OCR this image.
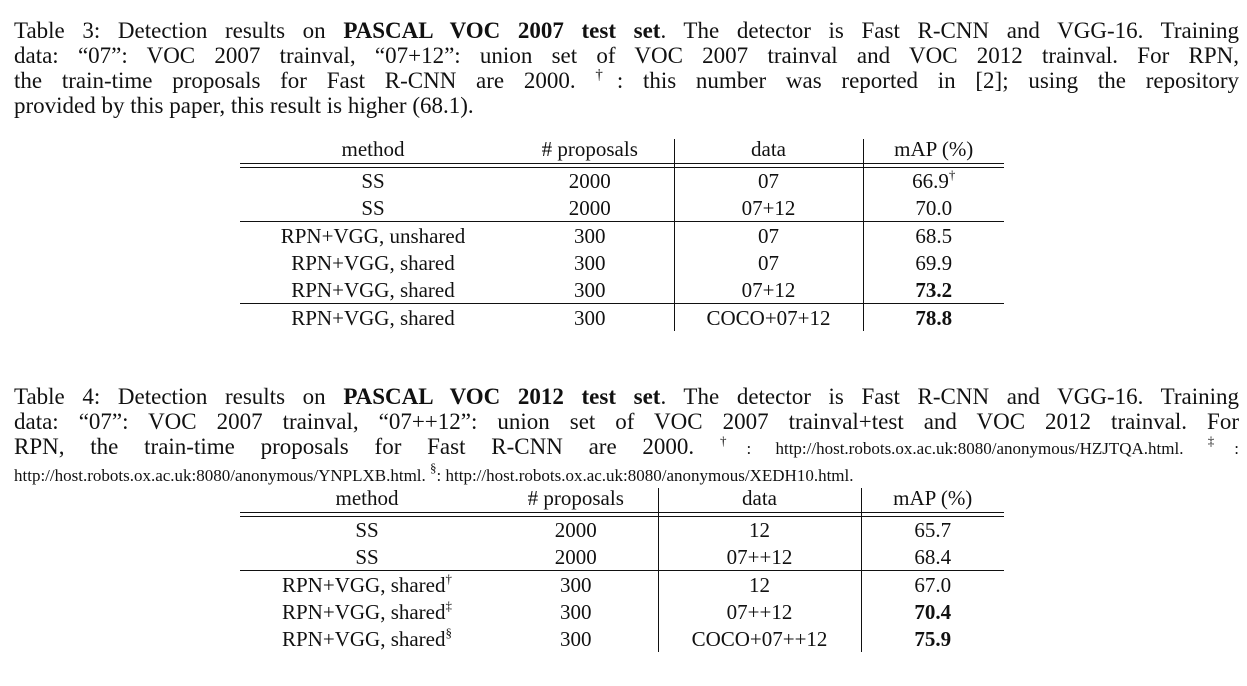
Table 3: Detection results on PASCAL VOC 2007 test set. The detector is Fast R-CNN and VGG-16. Training
data: “07”: VOC 2007 trainval, “07+12”: union set of VOC 2007 trainval and VOC 2012 trainval. For RPN,
the train-time proposals for Fast R-CNN are 2000. †: this number was reported in [2]; using the repository
provided by this paper, this result is higher (68.1).
method	# proposals	data	mAP (%)
SS	2000	07	66.9†
SS	2000	07+12	70.0
RPN+VGG, unshared	300	07	68.5
RPN+VGG, shared	300	07	69.9
RPN+VGG, shared	300	07+12	73.2
RPN+VGG, shared	300	COCO+07+12	78.8
Table 4: Detection results on PASCAL VOC 2012 test set. The detector is Fast R-CNN and VGG-16. Training
data: “07”: VOC 2007 trainval, “07++12”: union set of VOC 2007 trainval+test and VOC 2012 trainval. For
RPN, the train-time proposals for Fast R-CNN are 2000. †: http://host.robots.ox.ac.uk:8080/anonymous/HZJTQA.html. ‡:
http://host.robots.ox.ac.uk:8080/anonymous/YNPLXB.html. §: http://host.robots.ox.ac.uk:8080/anonymous/XEDH10.html.
method	# proposals	data	mAP (%)
SS	2000	12	65.7
SS	2000	07++12	68.4
RPN+VGG, shared†	300	12	67.0
RPN+VGG, shared‡	300	07++12	70.4
RPN+VGG, shared§	300	COCO+07++12	75.9
